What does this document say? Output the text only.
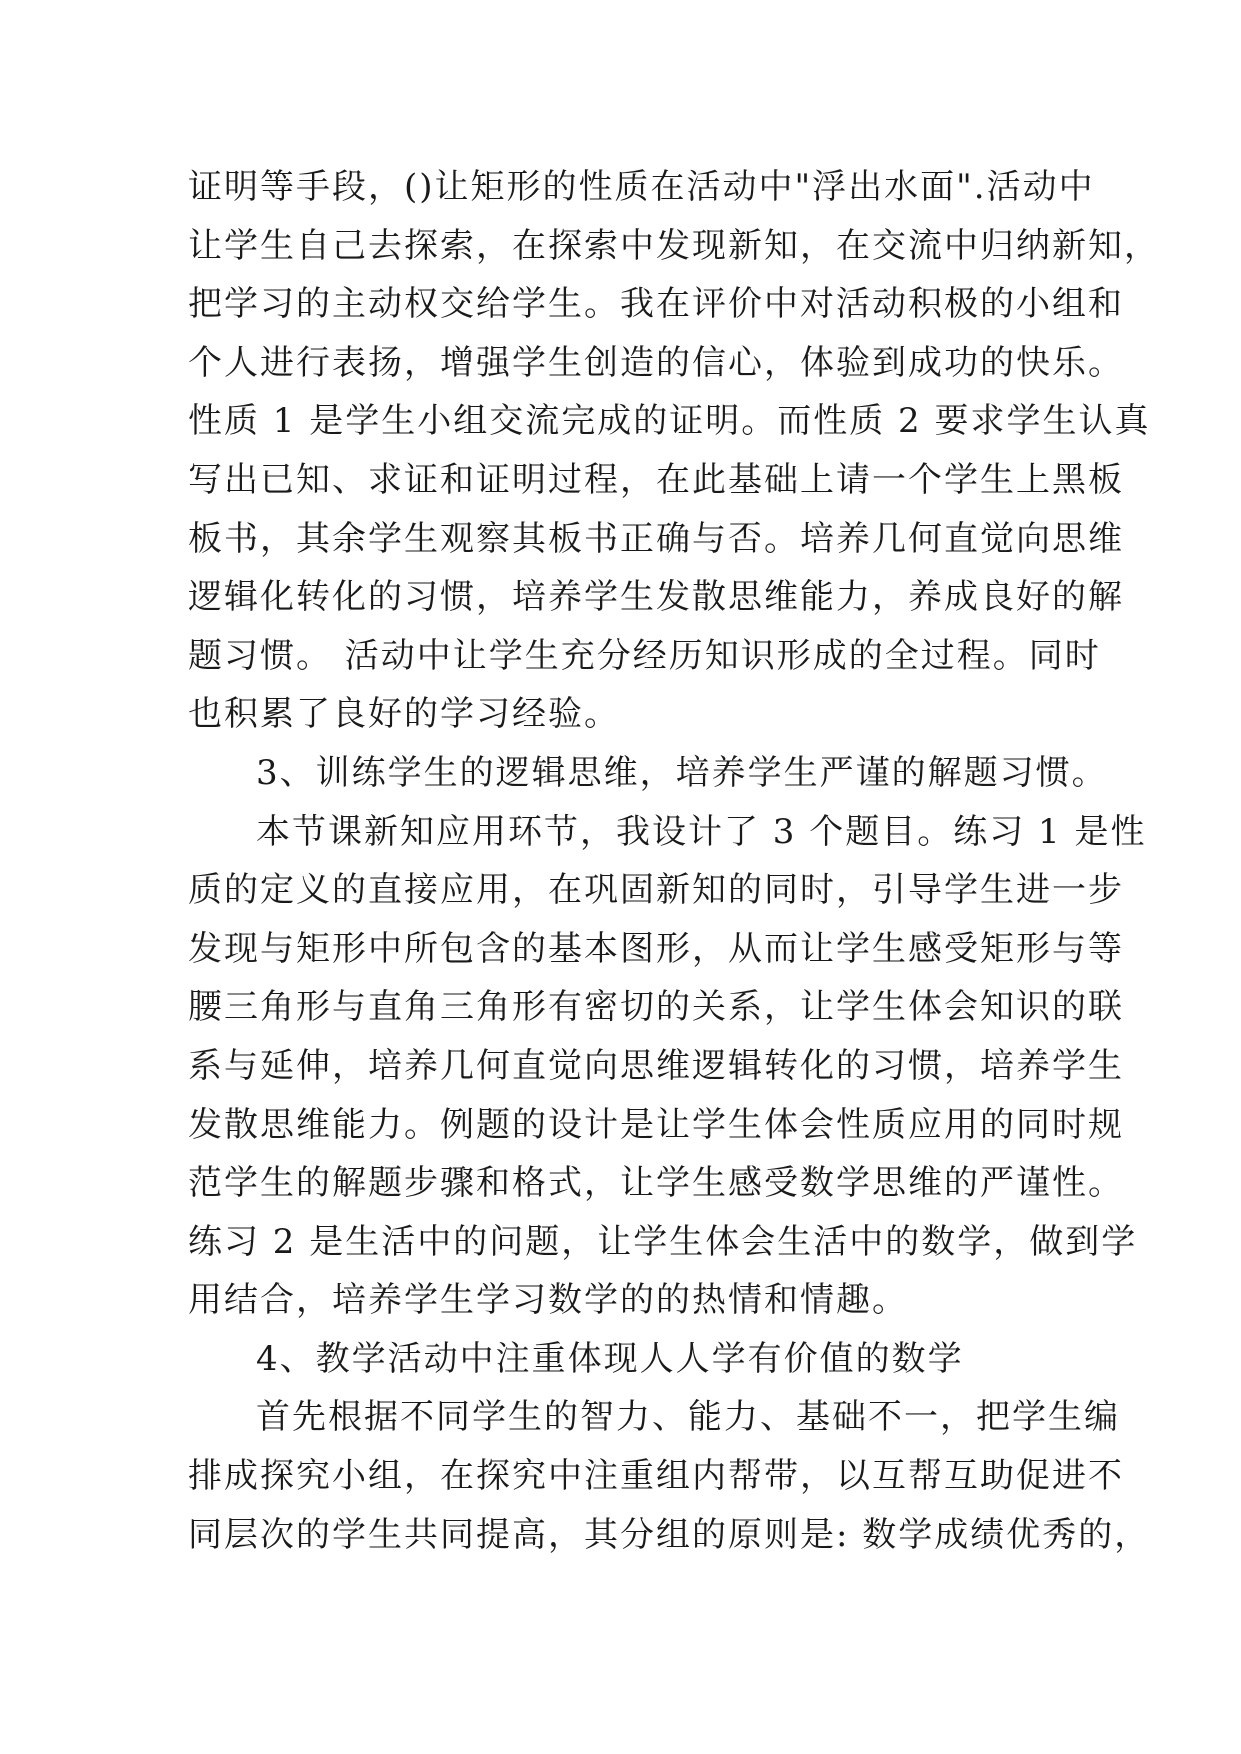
证明等手段，()让矩形的性质在活动中"浮出水面".活动中
让学生自己去探索，在探索中发现新知，在交流中归纳新知，
把学习的主动权交给学生。我在评价中对活动积极的小组和
个人进行表扬，增强学生创造的信心，体验到成功的快乐。
性质 1 是学生小组交流完成的证明。而性质 2 要求学生认真
写出已知、求证和证明过程，在此基础上请一个学生上黑板
板书，其余学生观察其板书正确与否。培养几何直觉向思维
逻辑化转化的习惯，培养学生发散思维能力，养成良好的解
题习惯。 活动中让学生充分经历知识形成的全过程。同时
也积累了良好的学习经验。
3、训练学生的逻辑思维，培养学生严谨的解题习惯。
本节课新知应用环节，我设计了 3 个题目。练习 1 是性
质的定义的直接应用，在巩固新知的同时，引导学生进一步
发现与矩形中所包含的基本图形，从而让学生感受矩形与等
腰三角形与直角三角形有密切的关系，让学生体会知识的联
系与延伸，培养几何直觉向思维逻辑转化的习惯，培养学生
发散思维能力。例题的设计是让学生体会性质应用的同时规
范学生的解题步骤和格式，让学生感受数学思维的严谨性。
练习 2 是生活中的问题，让学生体会生活中的数学，做到学
用结合，培养学生学习数学的的热情和情趣。
4、教学活动中注重体现人人学有价值的数学
首先根据不同学生的智力、能力、基础不一，把学生编
排成探究小组，在探究中注重组内帮带，以互帮互助促进不
同层次的学生共同提高，其分组的原则是: 数学成绩优秀的，
